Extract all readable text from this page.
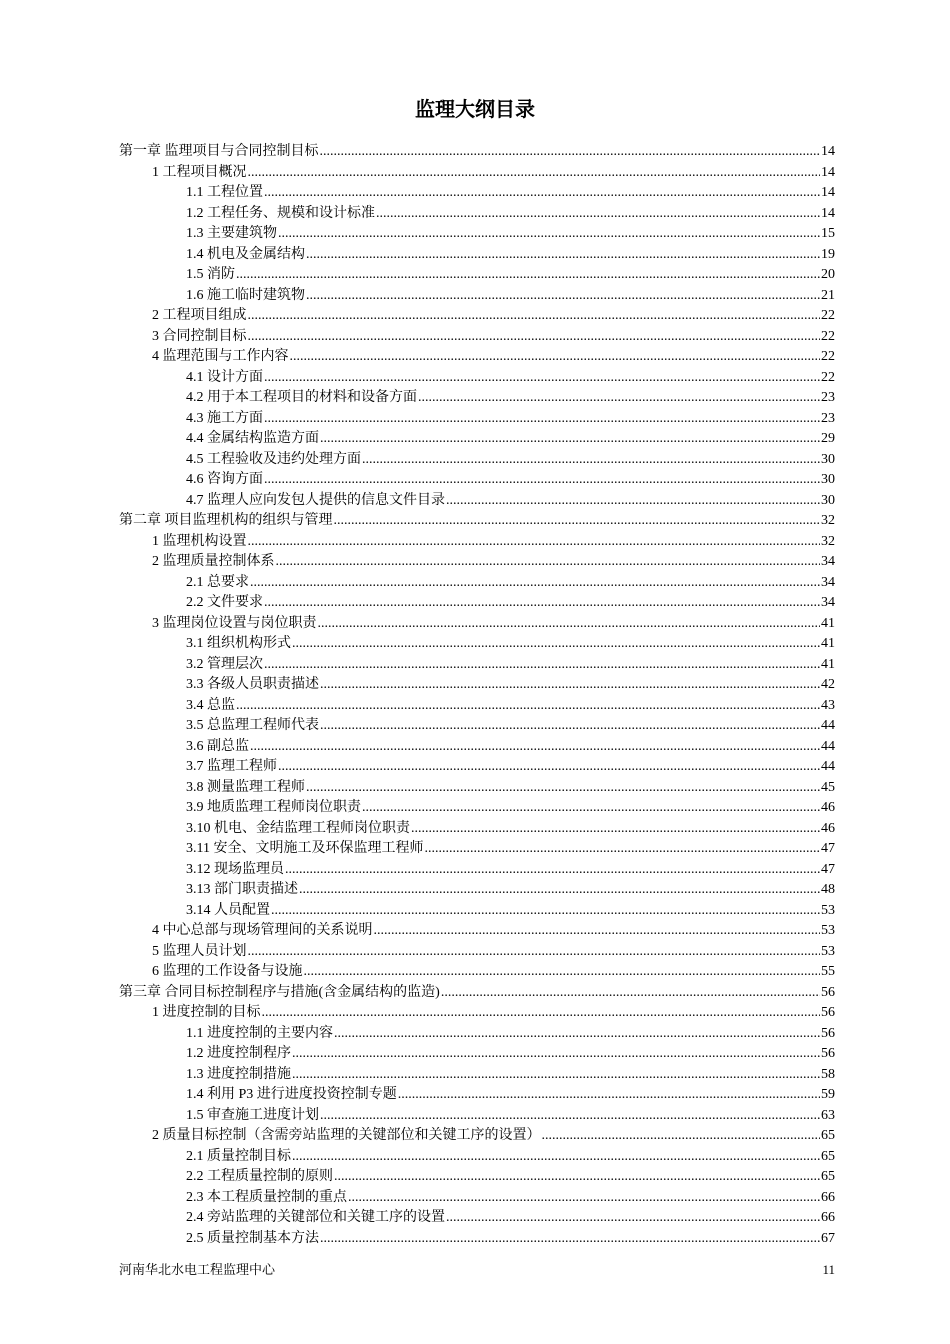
监理大纲目录
第一章 监理项目与合同控制目标 .....	14
1 工程项目概况 .....	14
1.1 工程位置 .....	14
1.2 工程任务、规模和设计标准 .....	14
1.3 主要建筑物 .....	15
1.4 机电及金属结构 .....	19
1.5 消防 .....	20
1.6 施工临时建筑物 .....	21
2 工程项目组成 .....	22
3 合同控制目标 .....	22
4 监理范围与工作内容 .....	22
4.1 设计方面 .....	22
4.2 用于本工程项目的材料和设备方面 .....	23
4.3 施工方面 .....	23
4.4 金属结构监造方面 .....	29
4.5 工程验收及违约处理方面 .....	30
4.6 咨询方面 .....	30
4.7 监理人应向发包人提供的信息文件目录 .....	30
第二章 项目监理机构的组织与管理 .....	32
1 监理机构设置 .....	32
2 监理质量控制体系 .....	34
2.1 总要求 .....	34
2.2 文件要求 .....	34
3 监理岗位设置与岗位职责 .....	41
3.1 组织机构形式 .....	41
3.2 管理层次 .....	41
3.3 各级人员职责描述 .....	42
3.4 总监 .....	43
3.5 总监理工程师代表 .....	44
3.6 副总监 .....	44
3.7 监理工程师 .....	44
3.8 测量监理工程师 .....	45
3.9 地质监理工程师岗位职责 .....	46
3.10 机电、金结监理工程师岗位职责 .....	46
3.11 安全、文明施工及环保监理工程师 .....	47
3.12 现场监理员 .....	47
3.13 部门职责描述 .....	48
3.14 人员配置 .....	53
4 中心总部与现场管理间的关系说明 .....	53
5 监理人员计划 .....	53
6 监理的工作设备与设施 .....	55
第三章 合同目标控制程序与措施(含金属结构的监造) .....	56
1 进度控制的目标 .....	56
1.1 进度控制的主要内容 .....	56
1.2 进度控制程序 .....	56
1.3 进度控制措施 .....	58
1.4 利用 P3 进行进度投资控制专题 .....	59
1.5 审查施工进度计划 .....	63
2 质量目标控制（含需旁站监理的关键部位和关键工序的设置） .....	65
2.1 质量控制目标 .....	65
2.2 工程质量控制的原则 .....	65
2.3 本工程质量控制的重点 .....	66
2.4 旁站监理的关键部位和关键工序的设置 .....	66
2.5 质量控制基本方法 .....	67
河南华北水电工程监理中心	11
